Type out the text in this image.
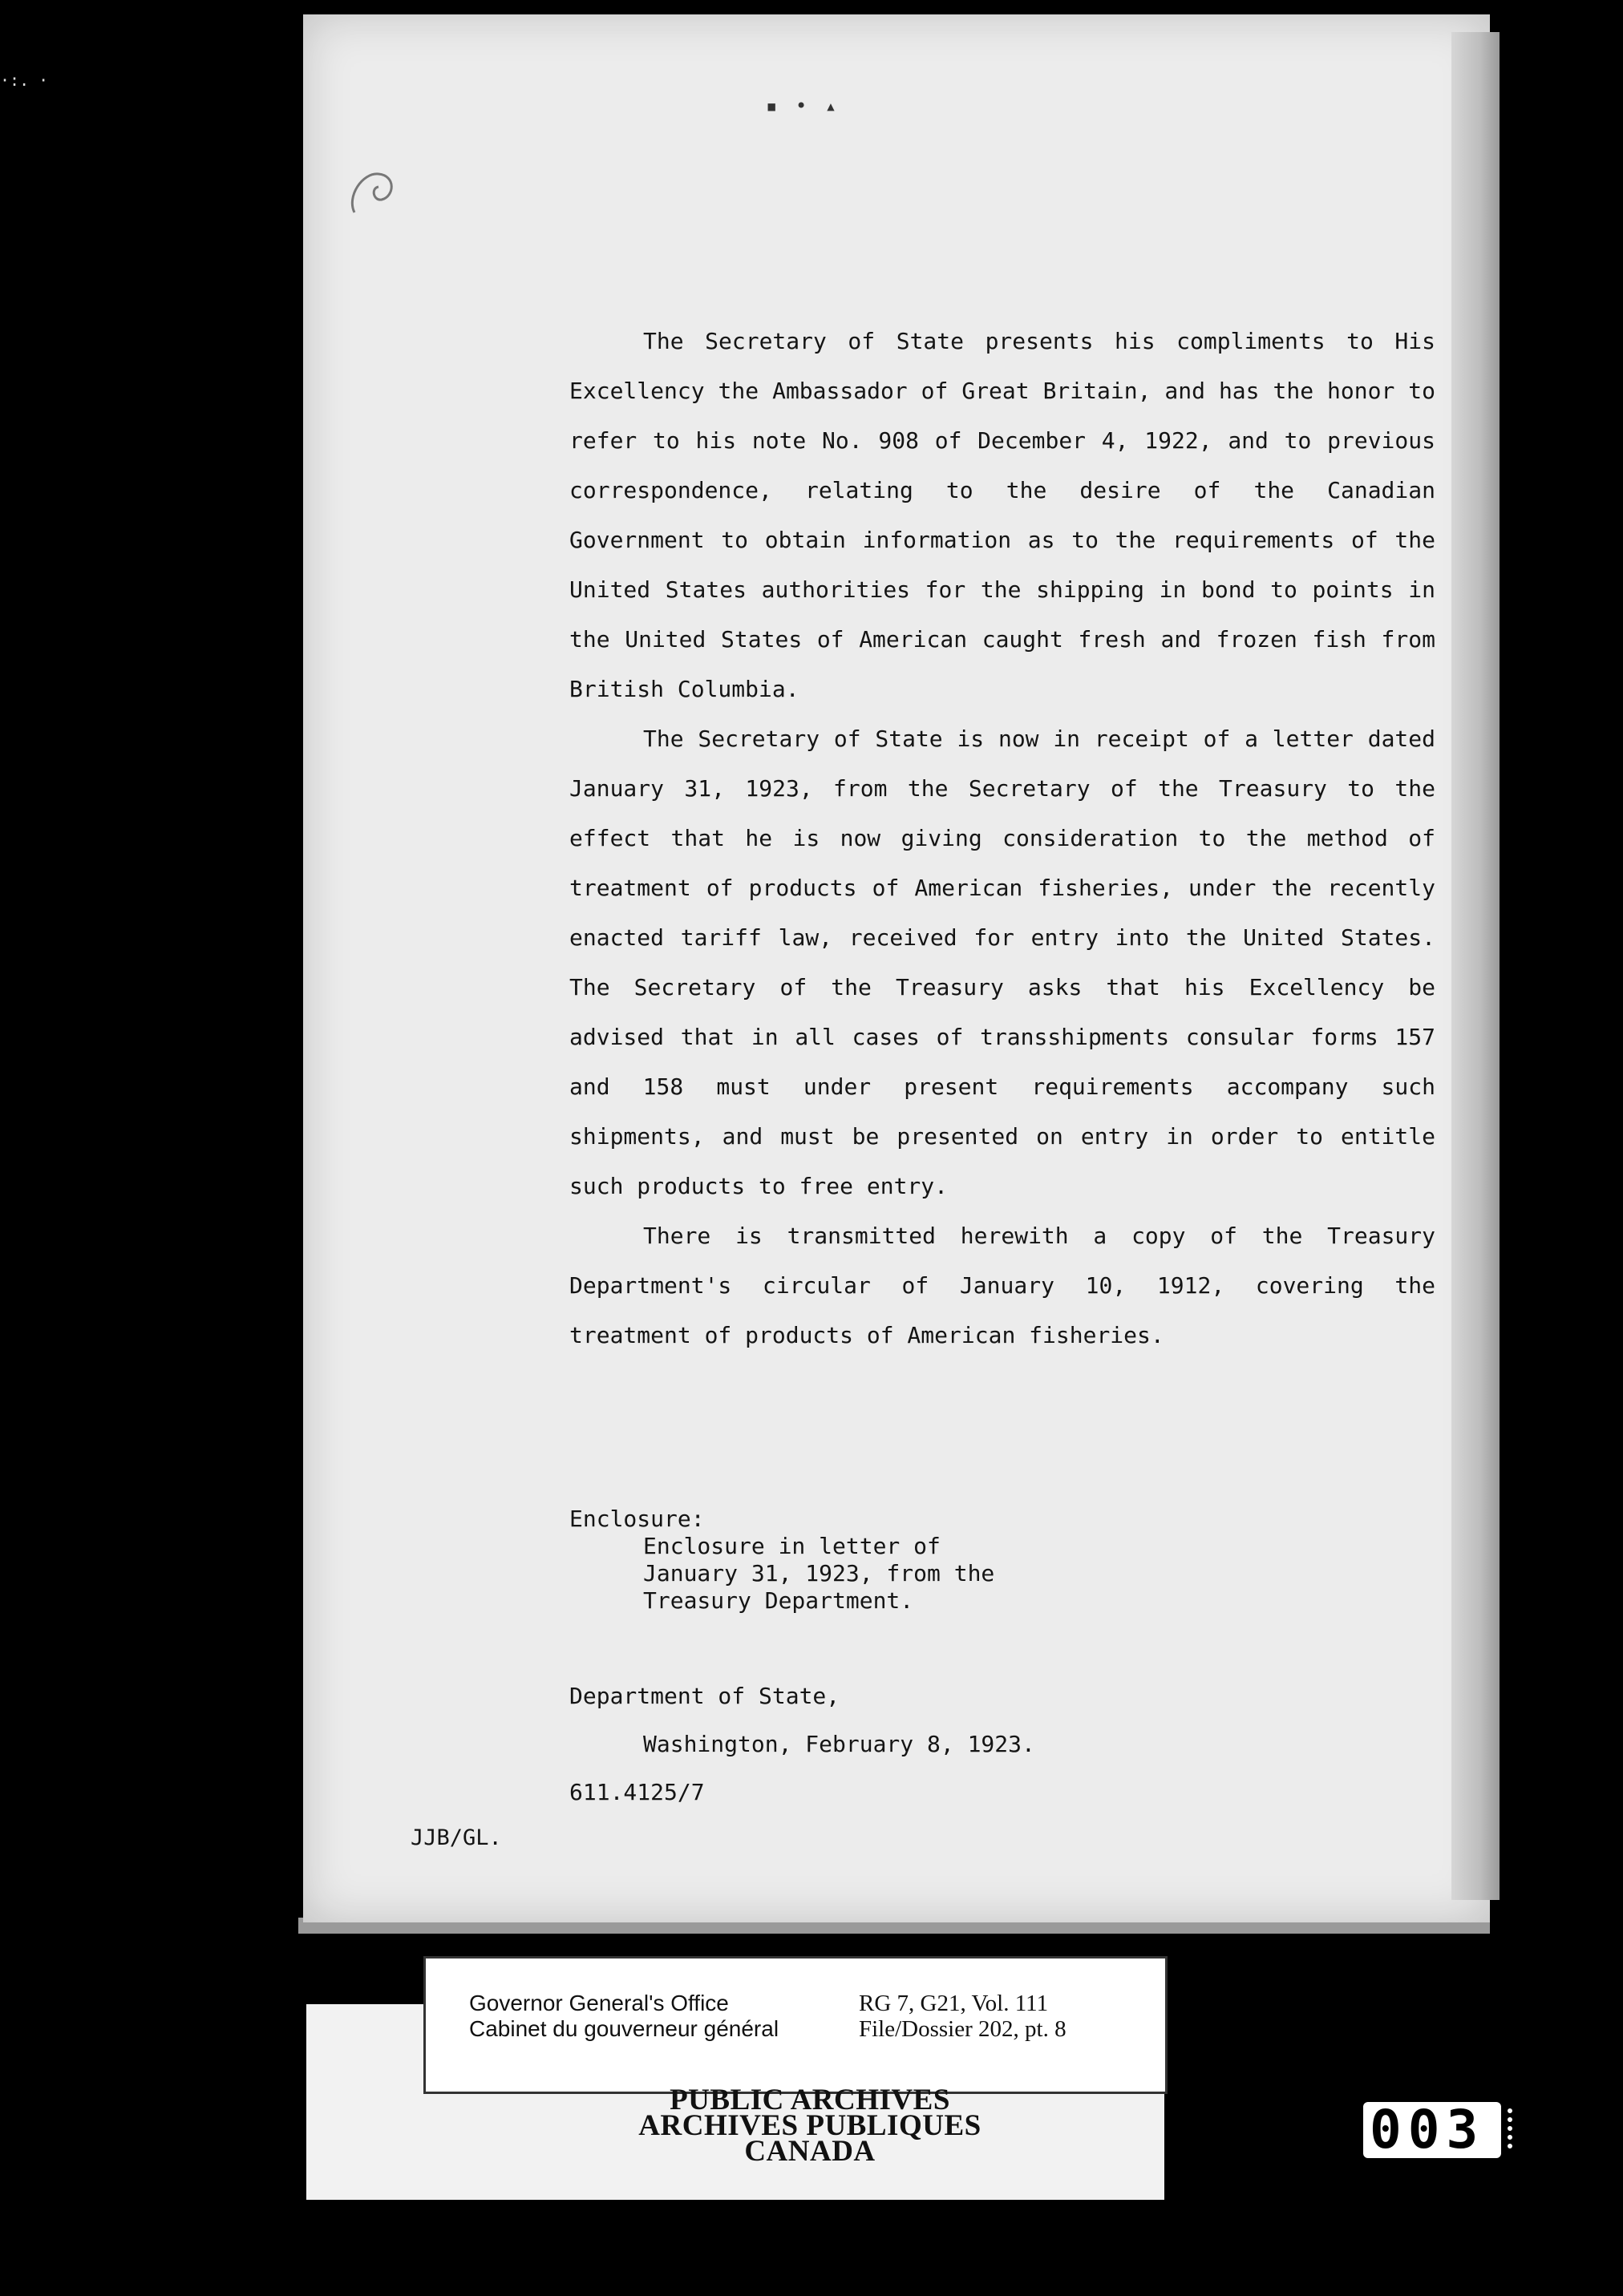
·:. ·
▪ • ▴

The Secretary of State presents his compliments to His Excellency the Ambassador of Great Britain, and has the honor to refer to his note No. 908 of December 4, 1922, and to previous correspondence, relating to the desire of the Canadian Government to obtain information as to the requirements of the United States authorities for the shipping in bond to points in the United States of American caught fresh and frozen fish from British Columbia.

The Secretary of State is now in receipt of a letter dated January 31, 1923, from the Secretary of the Treasury to the effect that he is now giving consideration to the method of treatment of products of American fisheries, under the recently enacted tariff law, received for entry into the United States. The Secretary of the Treasury asks that his Excellency be advised that in all cases of transshipments consular forms 157 and 158 must under present requirements accompany such shipments, and must be presented on entry in order to entitle such products to free entry.

There is transmitted herewith a copy of the Treasury Department's circular of January 10, 1912, covering the treatment of products of American fisheries.

Enclosure:

Enclosure in letter of

January 31, 1923, from the

Treasury Department.

Department of State,

Washington, February 8, 1923.

611.4125/7

JJB/GL.
Governor General's Office
Cabinet du gouverneur général
RG 7, G21, Vol. 111
File/Dossier 202, pt. 8
PUBLIC ARCHIVES
ARCHIVES PUBLIQUES
CANADA	003
